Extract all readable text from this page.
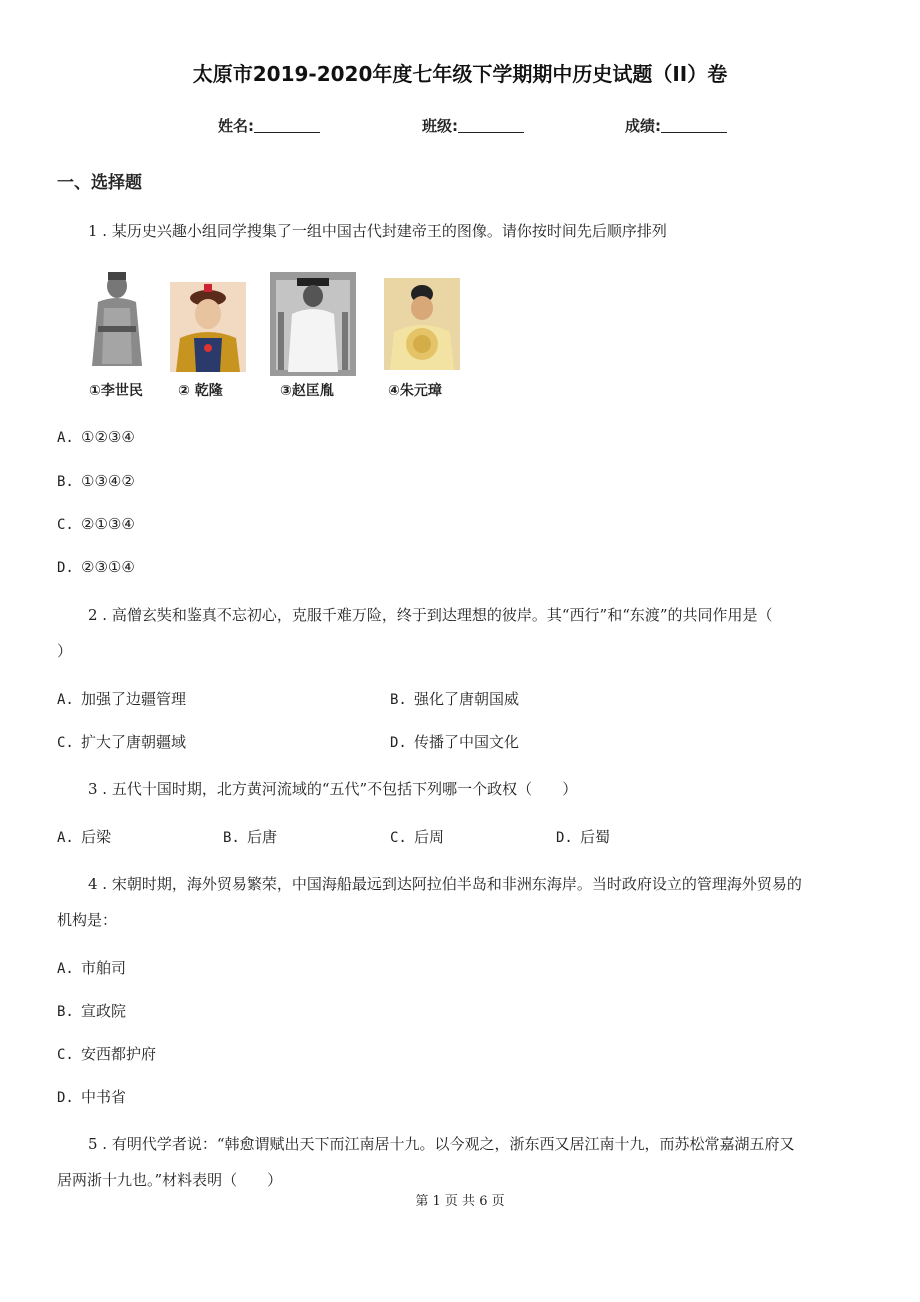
太原市2019-2020年度七年级下学期期中历史试题（II）卷
姓名:	班级:	成绩:
一、选择题
1 . 某历史兴趣小组同学搜集了一组中国古代封建帝王的图像。请你按时间先后顺序排列
①李世民	② 乾隆	③赵匡胤	④朱元璋
A. ①②③④
B. ①③④②
C. ②①③④
D. ②③①④
2 . 高僧玄奘和鉴真不忘初心，克服千难万险，终于到达理想的彼岸。其“西行”和“东渡”的共同作用是（
）
A. 加强了边疆管理	B. 强化了唐朝国威
C. 扩大了唐朝疆域	D. 传播了中国文化
3 . 五代十国时期，北方黄河流域的“五代”不包括下列哪一个政权（　　）
A. 后梁	B. 后唐	C. 后周	D. 后蜀
4 . 宋朝时期，海外贸易繁荣，中国海船最远到达阿拉伯半岛和非洲东海岸。当时政府设立的管理海外贸易的
机构是：
A. 市舶司
B. 宣政院
C. 安西都护府
D. 中书省
5 . 有明代学者说：“韩愈谓赋出天下而江南居十九。以今观之，浙东西又居江南十九，而苏松常嘉湖五府又
居两浙十九也。”材料表明（　　）
第 1 页 共 6 页
